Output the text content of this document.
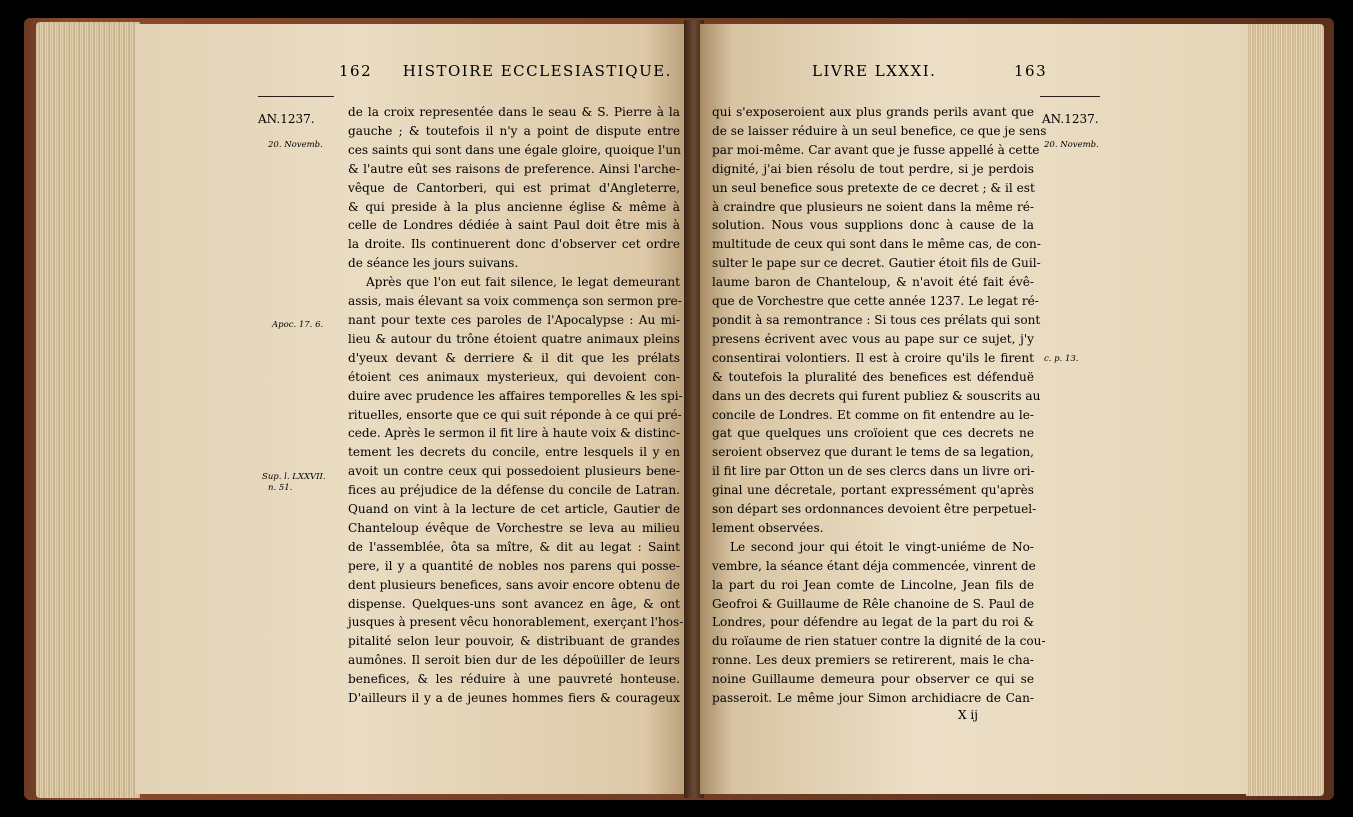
162 HISTOIRE ECCLESIASTIQUE.
AN.1237.
20. Novemb.
Apoc. 17. 6.
Sup. l. LXXVII.
n. 51.
de la croix representée dans le seau & S. Pierre à la
gauche ; & toutefois il n'y a point de dispute entre
ces saints qui sont dans une égale gloire, quoique l'un
& l'autre eût ses raisons de preference. Ainsi l'arche-
vêque de Cantorberi, qui est primat d'Angleterre,
& qui preside à la plus ancienne église & même à
celle de Londres dédiée à saint Paul doit être mis à
la droite. Ils continuerent donc d'observer cet ordre
de séance les jours suivans.
Après que l'on eut fait silence, le legat demeurant
assis, mais élevant sa voix commença son sermon pre-
nant pour texte ces paroles de l'Apocalypse : Au mi-
lieu & autour du trône étoient quatre animaux pleins
d'yeux devant & derriere & il dit que les prélats
étoient ces animaux mysterieux, qui devoient con-
duire avec prudence les affaires temporelles & les spi-
rituelles, ensorte que ce qui suit réponde à ce qui pré-
cede. Après le sermon il fit lire à haute voix & distinc-
tement les decrets du concile, entre lesquels il y en
avoit un contre ceux qui possedoient plusieurs bene-
fices au préjudice de la défense du concile de Latran.
Quand on vint à la lecture de cet article, Gautier de
Chanteloup évêque de Vorchestre se leva au milieu
de l'assemblée, ôta sa mître, & dit au legat : Saint
pere, il y a quantité de nobles nos parens qui posse-
dent plusieurs benefices, sans avoir encore obtenu de
dispense. Quelques-uns sont avancez en âge, & ont
jusques à present vêcu honorablement, exerçant l'hos-
pitalité selon leur pouvoir, & distribuant de grandes
aumônes. Il seroit bien dur de les dépoüiller de leurs
benefices, & les réduire à une pauvreté honteuse.
D'ailleurs il y a de jeunes hommes fiers & courageux
LIVRE LXXXI.	163
AN.1237.
20. Novemb.
c. p. 13.
qui s'exposeroient aux plus grands perils avant que
de se laisser réduire à un seul benefice, ce que je sens
par moi-même. Car avant que je fusse appellé à cette
dignité, j'ai bien résolu de tout perdre, si je perdois
un seul benefice sous pretexte de ce decret ; & il est
à craindre que plusieurs ne soient dans la même ré-
solution. Nous vous supplions donc à cause de la
multitude de ceux qui sont dans le même cas, de con-
sulter le pape sur ce decret. Gautier étoit fils de Guil-
laume baron de Chanteloup, & n'avoit été fait évê-
que de Vorchestre que cette année 1237. Le legat ré-
pondit à sa remontrance : Si tous ces prélats qui sont
presens écrivent avec vous au pape sur ce sujet, j'y
consentirai volontiers. Il est à croire qu'ils le firent
& toutefois la pluralité des benefices est défenduë
dans un des decrets qui furent publiez & souscrits au
concile de Londres. Et comme on fit entendre au le-
gat que quelques uns croïoient que ces decrets ne
seroient observez que durant le tems de sa legation,
il fit lire par Otton un de ses clercs dans un livre ori-
ginal une décretale, portant expressément qu'après
son départ ses ordonnances devoient être perpetuel-
lement observées.
Le second jour qui étoit le vingt-uniéme de No-
vembre, la séance étant déja commencée, vinrent de
la part du roi Jean comte de Lincolne, Jean fils de
Geofroi & Guillaume de Rêle chanoine de S. Paul de
Londres, pour défendre au legat de la part du roi &
du roïaume de rien statuer contre la dignité de la cou-
ronne. Les deux premiers se retirerent, mais le cha-
noine Guillaume demeura pour observer ce qui se
passeroit. Le même jour Simon archidiacre de Can-
X ij
